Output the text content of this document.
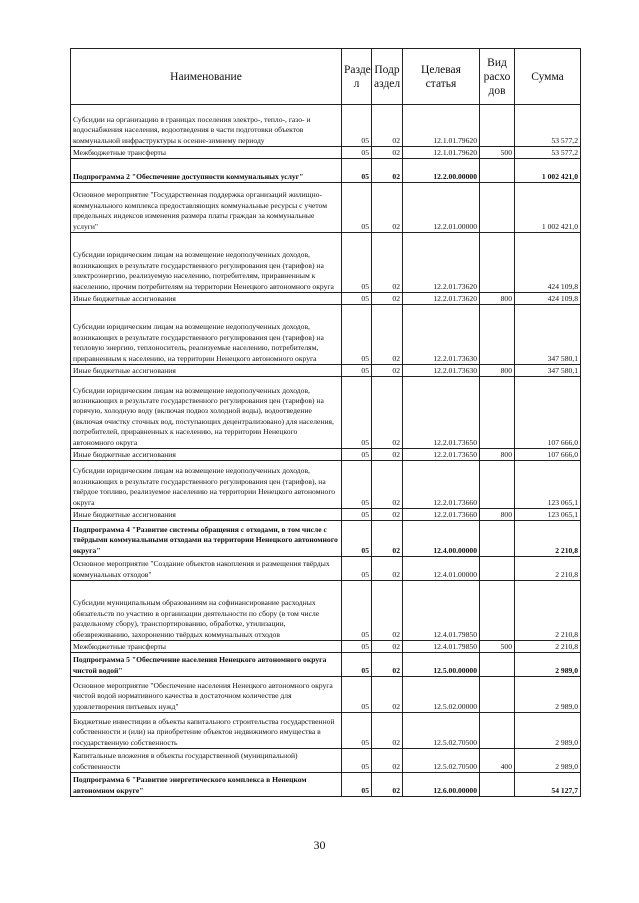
Наименование	Разде л	Подр аздел	Целевая статья	Вид расхо дов	Сумма
Субсидии на организацию в границах поселения электро-, тепло-, газо- и водоснабжения населения, водоотведения в части подготовки объектов коммунальной инфраструктуры к осенне-зимнему периоду	05	02	12.1.01.79620		53 577,2
Межбюджетные трансферты	05	02	12.1.01.79620	500	53 577,2
Подпрограмма 2 "Обеспечение доступности коммунальных услуг"	05	02	12.2.00.00000		1 002 421,0
Основное мероприятие "Государственная поддержка организаций жилищно-коммунального комплекса предоставляющих коммунальные ресурсы с учетом предельных индексов изменения размера платы граждан за коммунальные услуги"	05	02	12.2.01.00000		1 002 421,0
Субсидии юридическим лицам на возмещение недополученных доходов, возникающих в результате государственного регулирования цен (тарифов) на электроэнергию, реализуемую населению, потребителям, приравненным к населению, прочим потребителям на территории Ненецкого автономного округа	05	02	12.2.01.73620		424 109,8
Иные бюджетные ассигнования	05	02	12.2.01.73620	800	424 109,8
Субсидии юридическим лицам на возмещение недополученных доходов, возникающих в результате государственного регулирования цен (тарифов) на тепловую энергию, теплоноситель, реализуемые населению, потребителям, приравненным к населению, на территории Ненецкого автономного округа	05	02	12.2.01.73630		347 580,1
Иные бюджетные ассигнования	05	02	12.2.01.73630	800	347 580,1
Субсидии юридическим лицам на возмещение недополученных доходов, возникающих в результате государственного регулирования цен (тарифов) на горячую, холодную воду (включая подвоз холодной воды), водоотведение (включая очистку сточных вод, поступающих децентрализовано) для населения, потребителей, приравненных к населению, на территории Ненецкого автономного округа	05	02	12.2.01.73650		107 666,0
Иные бюджетные ассигнования	05	02	12.2.01.73650	800	107 666,0
Субсидии юридическим лицам на возмещение недополученных доходов, возникающих в результате государственного регулирования цен (тарифов), на твёрдое топливо, реализуемое населению на территории Ненецкого автономного округа	05	02	12.2.01.73660		123 065,1
Иные бюджетные ассигнования	05	02	12.2.01.73660	800	123 065,1
Подпрограмма 4 "Развитие системы обращения с отходами, в том числе с твёрдыми коммунальными отходами на территории Ненецкого автономного округа"	05	02	12.4.00.00000		2 210,8
Основное мероприятие "Создание объектов накопления и размещения твёрдых коммунальных отходов"	05	02	12.4.01.00000		2 210,8
Субсидии муниципальным образованиям на софинансирование расходных обязательств по участию в организации деятельности по сбору (в том числе раздельному сбору), транспортированию, обработке, утилизации, обезвреживанию, захоронению твёрдых коммунальных отходов	05	02	12.4.01.79850		2 210,8
Межбюджетные трансферты	05	02	12.4.01.79850	500	2 210,8
Подпрограмма 5 "Обеспечение населения Ненецкого автономного округа чистой водой"	05	02	12.5.00.00000		2 989,0
Основное мероприятие "Обеспечение населения Ненецкого автономного округа чистой водой нормативного качества в достаточном количестве для удовлетворения питьевых нужд"	05	02	12.5.02.00000		2 989,0
Бюджетные инвестиции в объекты капитального строительства государственной собственности и (или) на приобретение объектов недвижимого имущества в государственную собственность	05	02	12.5.02.70500		2 989,0
Капитальные вложения в объекты государственной (муниципальной) собственности	05	02	12.5.02.70500	400	2 989,0
Подпрограмма 6 "Развитие энергетического комплекса в Ненецком автономном округе"	05	02	12.6.00.00000		54 127,7
30
